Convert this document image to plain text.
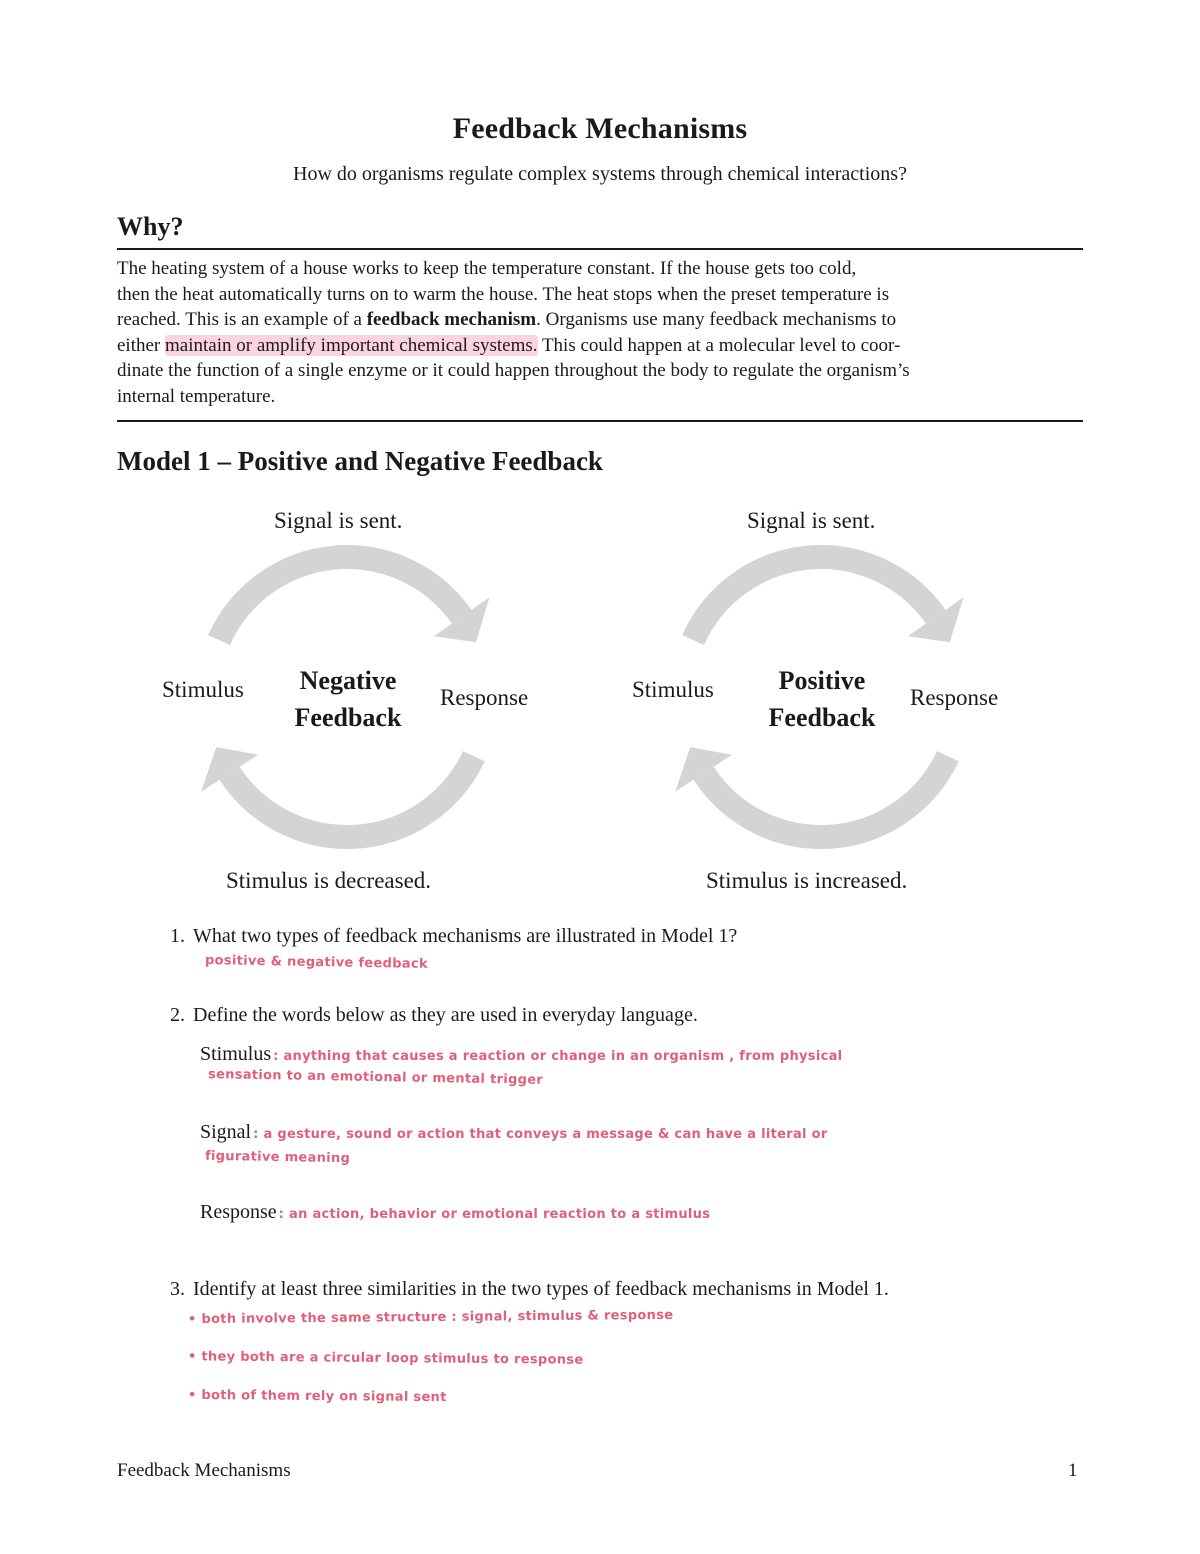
Feedback Mechanisms
How do organisms regulate complex systems through chemical interactions?
Why?
The heating system of a house works to keep the temperature constant. If the house gets too cold,
then the heat automatically turns on to warm the house. The heat stops when the preset temperature is
reached. This is an example of a feedback mechanism. Organisms use many feedback mechanisms to
either maintain or amplify important chemical systems. This could happen at a molecular level to coor-
dinate the function of a single enzyme or it could happen throughout the body to regulate the organism’s
internal temperature.
Model 1 – Positive and Negative Feedback
Signal is sent.
Stimulus	Response
Stimulus is decreased.
Negative
Feedback
Signal is sent.
Stimulus	Response
Stimulus is increased.
Positive
Feedback
1. What two types of feedback mechanisms are illustrated in Model 1?
positive & negative feedback
2. Define the words below as they are used in everyday language.
Stimulus : anything that causes a reaction or change in an organism , from physical
sensation to an emotional or mental trigger
Signal : a gesture, sound or action that conveys a message & can have a literal or
figurative meaning
Response : an action, behavior or emotional reaction to a stimulus
3. Identify at least three similarities in the two types of feedback mechanisms in Model 1.
• both involve the same structure : signal, stimulus & response
• they both are a circular loop stimulus to response
• both of them rely on signal sent
Feedback Mechanisms	1
